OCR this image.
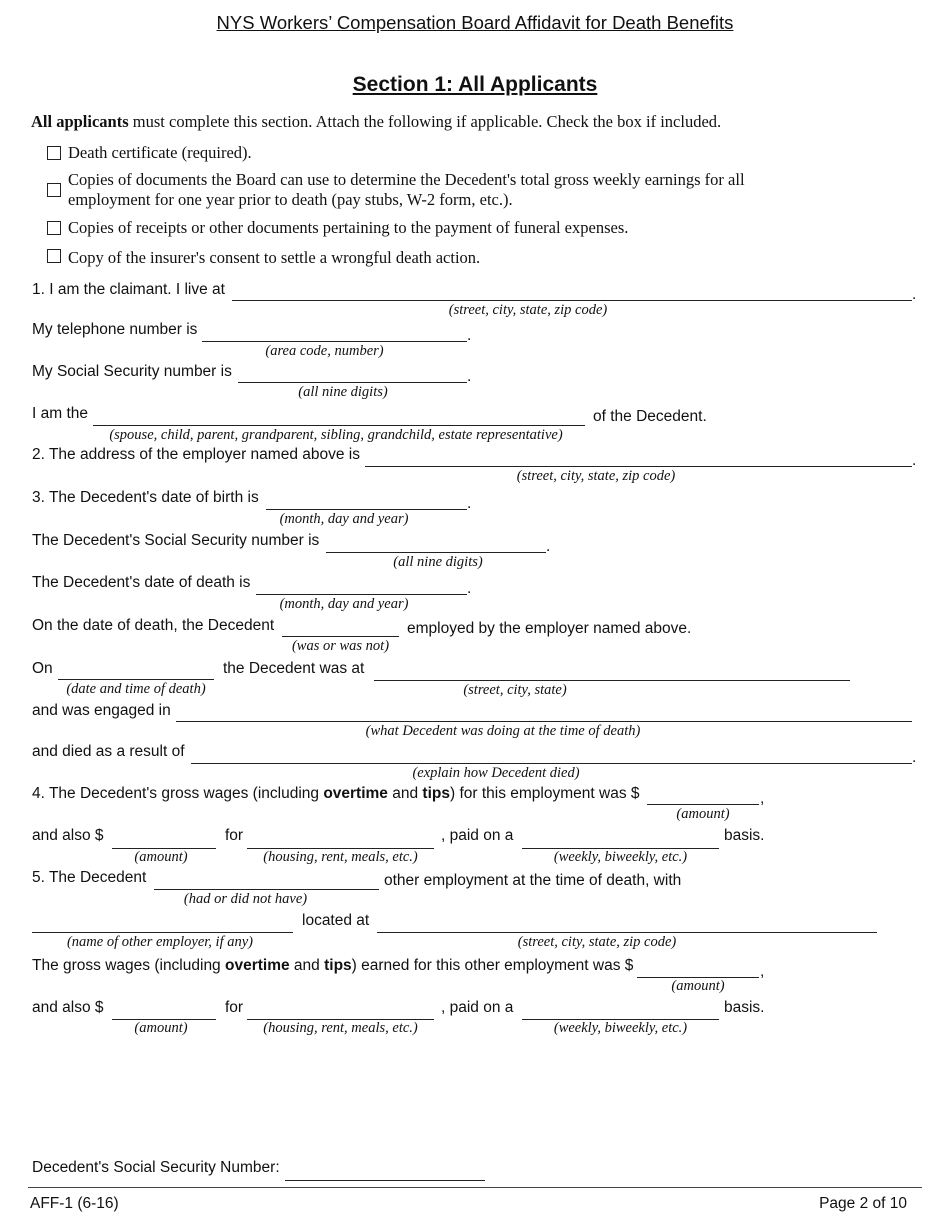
NYS Workers’ Compensation Board Affidavit for Death Benefits
Section 1: All Applicants
All applicants must complete this section. Attach the following if applicable. Check the box if included.
Death certificate (required).
Copies of documents the Board can use to determine the Decedent's total gross weekly earnings for all
employment for one year prior to death (pay stubs, W-2 form, etc.).
Copies of receipts or other documents pertaining to the payment of funeral expenses.
Copy of the insurer's consent to settle a wrongful death action.
1. I am the claimant. I live at	.
(street, city, state, zip code)
My telephone number is	.
(area code, number)
My Social Security number is	.
(all nine digits)
I am the	of the Decedent.
(spouse, child, parent, grandparent, sibling, grandchild, estate representative)
2. The address of the employer named above is	.
(street, city, state, zip code)
3. The Decedent's date of birth is	.
(month, day and year)
The Decedent's Social Security number is	.
(all nine digits)
The Decedent's date of death is	.
(month, day and year)
On the date of death, the Decedent	employed by the employer named above.
(was or was not)
On
(date and time of death)
the Decedent was at
(street, city, state)
and was engaged in
(what Decedent was doing at the time of death)
and died as a result of	.
(explain how Decedent died)
4. The Decedent's gross wages (including overtime and tips) for this employment was $	,
(amount)
and also $
(amount)
for
(housing, rent, meals, etc.)
, paid on a
(weekly, biweekly, etc.)
basis.
5. The Decedent
(had or did not have)
other employment at the time of death, with
(name of other employer, if any)
located at
(street, city, state, zip code)
The gross wages (including overtime and tips) earned for this other employment was $	,
(amount)
and also $
(amount)
for
(housing, rent, meals, etc.)
, paid on a
(weekly, biweekly, etc.)
basis.
Decedent's Social Security Number:
AFF-1 (6-16)	Page 2 of 10
